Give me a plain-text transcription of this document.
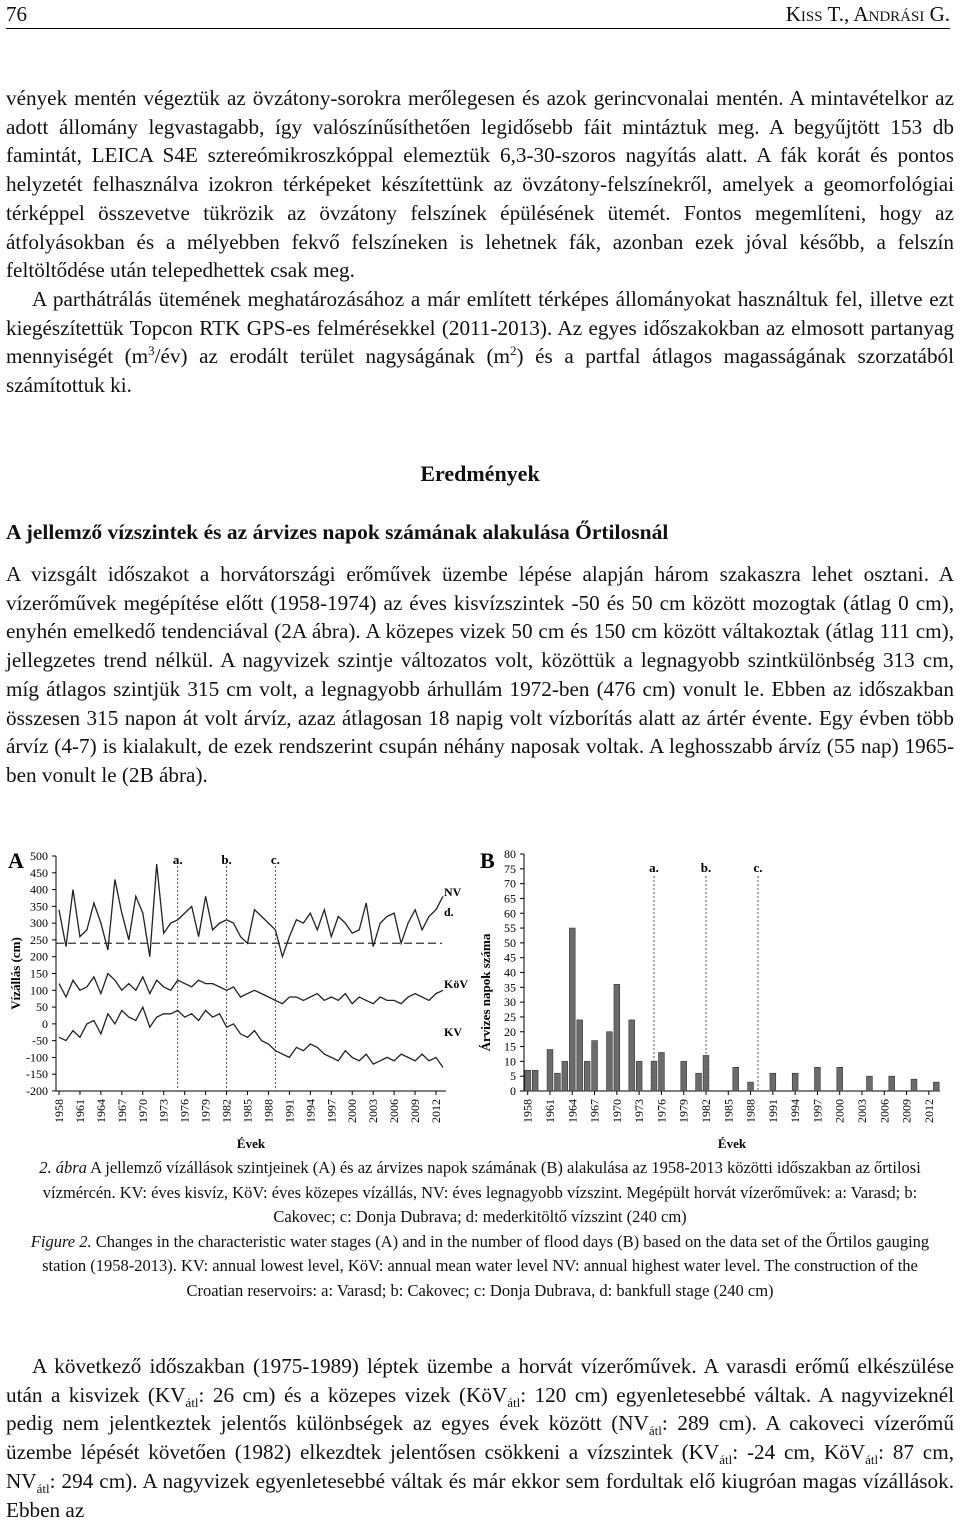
76	Kiss T., Andrási G.

vények mentén végeztük az övzátony-sorokra merőlegesen és azok gerincvonalai mentén. A mintavételkor az adott állomány legvastagabb, így valószínűsíthetően legidősebb fáit mintáztuk meg. A begyűjtött 153 db famintát, LEICA S4E sztereómikroszkóppal elemeztük 6,3-30-szoros nagyítás alatt. A fák korát és pontos helyzetét felhasználva izokron térképeket készítettünk az övzátony-felszínekről, amelyek a geomorfológiai térképpel összevetve tükrözik az övzátony felszínek épülésének ütemét. Fontos megemlíteni, hogy az átfolyásokban és a mélyebben fekvő felszíneken is lehetnek fák, azonban ezek jóval később, a felszín feltöltődése után telepedhettek csak meg.

A parthátrálás ütemének meghatározásához a már említett térképes állományokat használtuk fel, illetve ezt kiegészítettük Topcon RTK GPS-es felmérésekkel (2011-2013). Az egyes időszakokban az elmosott partanyag mennyiségét $(m^3/év)$ az erodált terület nagyságának $(m^2)$ és a partfal átlagos magasságának szorzatából számítottuk ki.

Eredmények
A jellemző vízszintek és az árvizes napok számának alakulása Őrtilosnál

A vizsgált időszakot a horvátországi erőművek üzembe lépése alapján három szakaszra lehet osztani. A vízerőművek megépítése előtt (1958-1974) az éves kisvízszintek -50 és 50 cm között mozogtak (átlag 0 cm), enyhén emelkedő tendenciával (2A ábra). A közepes vizek 50 cm és 150 cm között váltakoztak (átlag 111 cm), jellegzetes trend nélkül. A nagyvizek szintje változatos volt, közöttük a legnagyobb szintkülönbség 313 cm, míg átlagos szintjük 315 cm volt, a legnagyobb árhullám 1972-ben (476 cm) vonult le. Ebben az időszakban összesen 315 napon át volt árvíz, azaz átlagosan 18 napig volt vízborítás alatt az ártér évente. Egy évben több árvíz (4-7) is kialakult, de ezek rendszerint csupán néhány naposak voltak. A leghosszabb árvíz (55 nap) 1965-ben vonult le (2B ábra).

A 500
450
400
350
300
250
200
150
100
50
0
-50
-100
-150
-200
1958 1961 1964 1967 1970 1973 1976 1979 1982 1985 1988 1991 1994 1997 2000 2003 2006 2009 2012
Évek
Vízállás (cm)
a.	b.	c.
NV
d.
KöV
KV
B 80
75
70
65
60
55
50
45
40
35
30
25
20
15
10
5
0
1958 1961 1964 1967 1970 1973 1976 1979 1982 1985 1988 1991 1994 1997 2000 2003 2006 2009 2012
a.	b.	c.
Évek
Árvizes napok száma
2. ábra A jellemző vízállások szintjeinek (A) és az árvizes napok számának (B) alakulása az 1958-2013 közötti időszakban az őrtilosi vízmércén. KV: éves kisvíz, KöV: éves közepes vízállás, NV: éves legnagyobb vízszint. Megépült horvát vízerőművek: a: Varasd; b: Cakovec; c: Donja Dubrava; d: mederkitöltő vízszint (240 cm)
Figure 2. Changes in the characteristic water stages (A) and in the number of flood days (B) based on the data set of the Őrtilos gauging station (1958-2013). KV: annual lowest level, KöV: annual mean water level NV: annual highest water level. The construction of the Croatian reservoirs: a: Varasd; b: Cakovec; c: Donja Dubrava, d: bankfull stage (240 cm)

A következő időszakban (1975-1989) léptek üzembe a horvát vízerőművek. A varasdi erőmű elkészülése után a kisvizek ($KV_{átl}$: 26 cm) és a közepes vizek (KöV$_{átl}$: 120 cm) egyenletesebbé váltak. A nagyvizeknél pedig nem jelentkeztek jelentős különbségek az egyes évek között ($NV_{átl}$: 289 cm). A cakoveci vízerőmű üzembe lépését követően (1982) elkezdtek jelentősen csökkeni a vízszintek ($KV_{átl}$: -24 cm, KöV$_{átl}$: 87 cm, $NV_{átl}$: 294 cm). A nagyvizek egyenletesebbé váltak és már ekkor sem fordultak elő kiugróan magas vízállások. Ebben az
